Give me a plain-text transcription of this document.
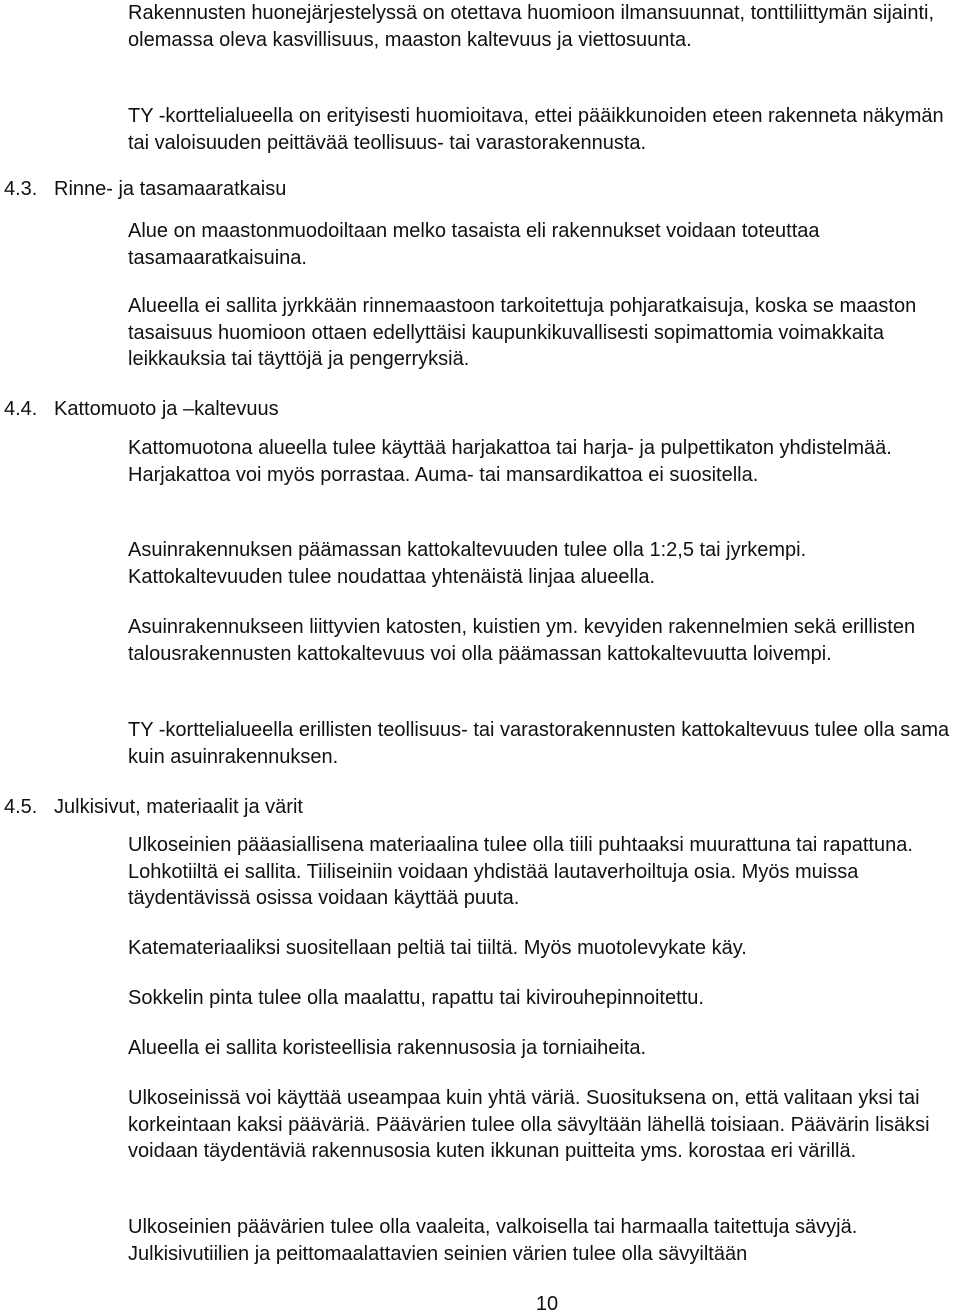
Rakennusten huonejärjestelyssä on otettava huomioon ilmansuunnat, tonttiliittymän sijainti, olemassa oleva kasvillisuus, maaston kaltevuus ja viettosuunta.

TY -korttelialueella on erityisesti huomioitava, ettei pääikkunoiden eteen rakenneta näkymän tai valoisuuden peittävää teollisuus- tai varastorakennusta.

4.3. Rinne- ja tasamaaratkaisu

Alue on maastonmuodoiltaan melko tasaista eli rakennukset voidaan toteuttaa tasamaaratkaisuina.

Alueella ei sallita jyrkkään rinnemaastoon tarkoitettuja pohjaratkaisuja, koska se maaston tasaisuus huomioon ottaen edellyttäisi kaupunkikuvallisesti sopimattomia voimakkaita leikkauksia tai täyttöjä ja pengerryksiä.

4.4. Kattomuoto ja –kaltevuus

Kattomuotona alueella tulee käyttää harjakattoa tai harja- ja pulpettikaton yhdistelmää. Harjakattoa voi myös porrastaa. Auma- tai mansardikattoa ei suositella.

Asuinrakennuksen päämassan kattokaltevuuden tulee olla 1:2,5 tai jyrkempi. Kattokaltevuuden tulee noudattaa yhtenäistä linjaa alueella.

Asuinrakennukseen liittyvien katosten, kuistien ym. kevyiden rakennelmien sekä erillisten talousrakennusten kattokaltevuus voi olla päämassan kattokaltevuutta loivempi.

TY -korttelialueella erillisten teollisuus- tai varastorakennusten kattokaltevuus tulee olla sama kuin asuinrakennuksen.

4.5. Julkisivut, materiaalit ja värit

Ulkoseinien pääasiallisena materiaalina tulee olla tiili puhtaaksi muurattuna tai rapattuna. Lohkotiiltä ei sallita. Tiiliseiniin voidaan yhdistää lautaverhoiltuja osia. Myös muissa täydentävissä osissa voidaan käyttää puuta.

Katemateriaaliksi suositellaan peltiä tai tiiltä. Myös muotolevykate käy.

Sokkelin pinta tulee olla maalattu, rapattu tai kivirouhepinnoitettu.

Alueella ei sallita koristeellisia rakennusosia ja torniaiheita.

Ulkoseinissä voi käyttää useampaa kuin yhtä väriä. Suosituksena on, että valitaan yksi tai korkeintaan kaksi pääväriä. Päävärien tulee olla sävyltään lähellä toisiaan. Päävärin lisäksi voidaan täydentäviä rakennusosia kuten ikkunan puitteita yms. korostaa eri värillä.

Ulkoseinien päävärien tulee olla vaaleita, valkoisella tai harmaalla taitettuja sävyjä. Julkisivutiilien ja peittomaalattavien seinien värien tulee olla sävyiltään

10
